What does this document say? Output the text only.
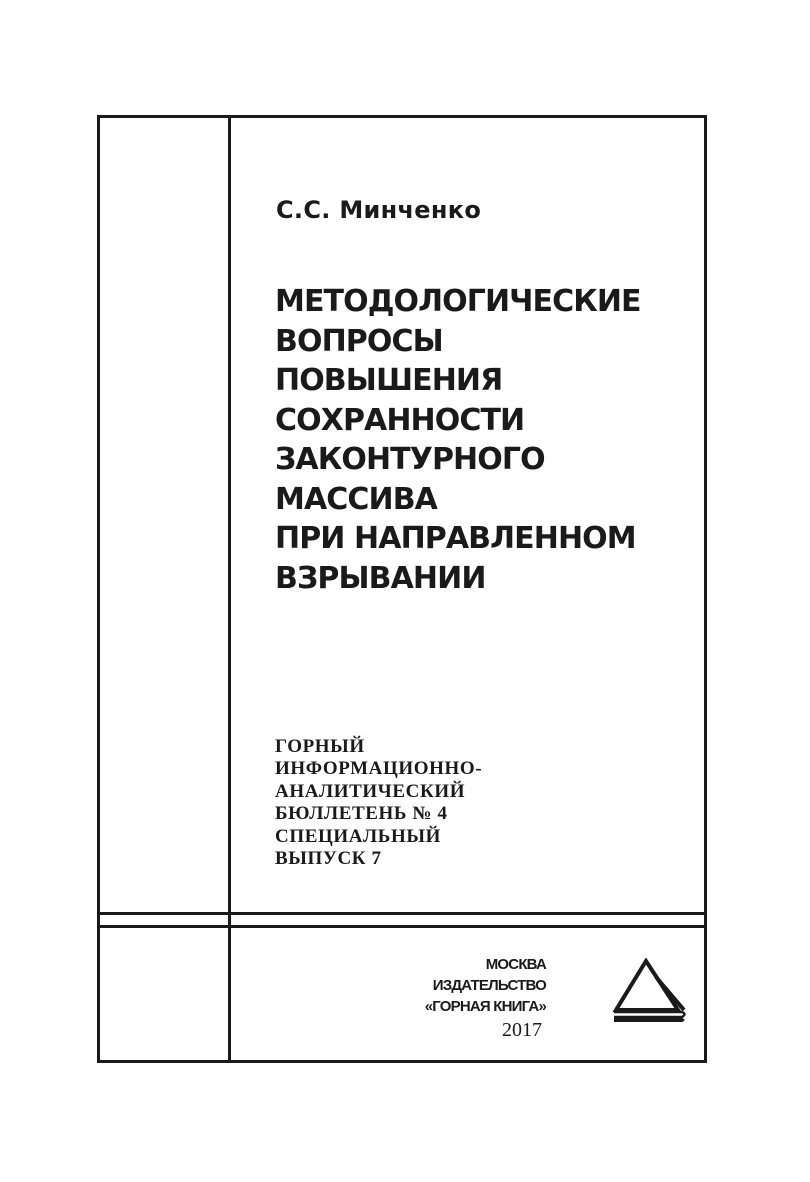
С.С. Минченко
МЕТОДОЛОГИЧЕСКИЕ
ВОПРОСЫ
ПОВЫШЕНИЯ
СОХРАННОСТИ
ЗАКОНТУРНОГО
МАССИВА
ПРИ НАПРАВЛЕННОМ
ВЗРЫВАНИИ
ГОРНЫЙ
ИНФОРМАЦИОННО-
АНАЛИТИЧЕСКИЙ
БЮЛЛЕТЕНЬ № 4
СПЕЦИАЛЬНЫЙ
ВЫПУСК 7
МОСКВА
ИЗДАТЕЛЬСТВО
«ГОРНАЯ КНИГА»
2017
